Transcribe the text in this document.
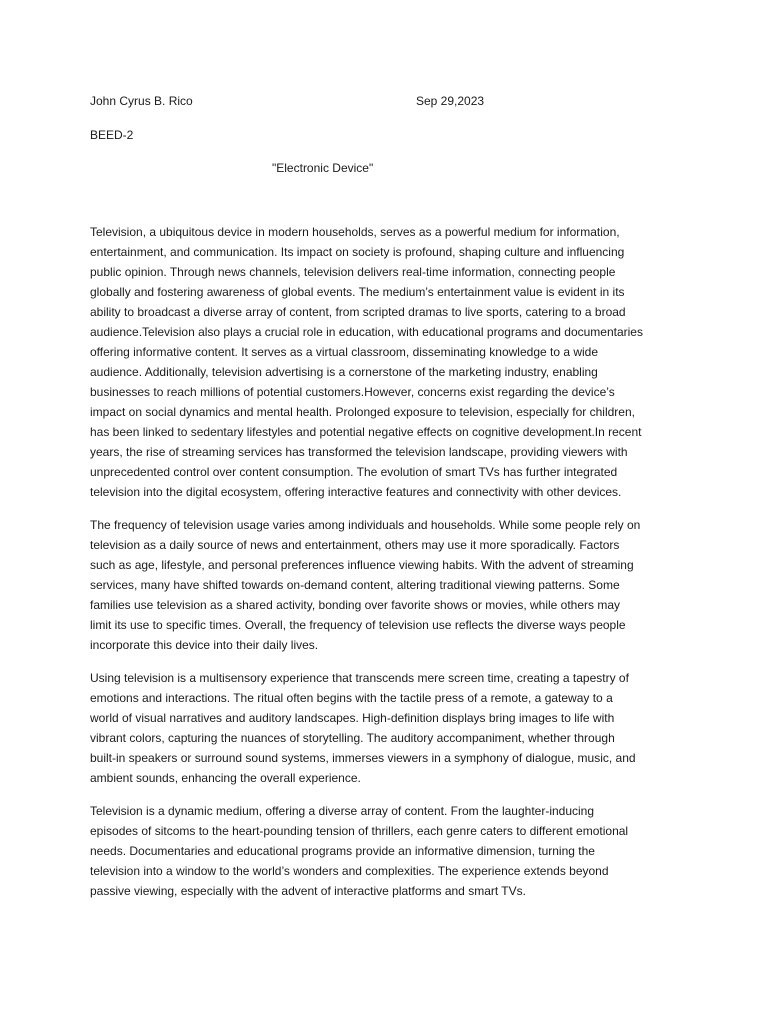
John Cyrus B. Rico	Sep 29,2023
BEED-2
"Electronic Device"
Television, a ubiquitous device in modern households, serves as a powerful medium for information,
entertainment, and communication. Its impact on society is profound, shaping culture and influencing
public opinion. Through news channels, television delivers real-time information, connecting people
globally and fostering awareness of global events. The medium’s entertainment value is evident in its
ability to broadcast a diverse array of content, from scripted dramas to live sports, catering to a broad
audience.Television also plays a crucial role in education, with educational programs and documentaries
offering informative content. It serves as a virtual classroom, disseminating knowledge to a wide
audience. Additionally, television advertising is a cornerstone of the marketing industry, enabling
businesses to reach millions of potential customers.However, concerns exist regarding the device’s
impact on social dynamics and mental health. Prolonged exposure to television, especially for children,
has been linked to sedentary lifestyles and potential negative effects on cognitive development.In recent
years, the rise of streaming services has transformed the television landscape, providing viewers with
unprecedented control over content consumption. The evolution of smart TVs has further integrated
television into the digital ecosystem, offering interactive features and connectivity with other devices.
The frequency of television usage varies among individuals and households. While some people rely on
television as a daily source of news and entertainment, others may use it more sporadically. Factors
such as age, lifestyle, and personal preferences influence viewing habits. With the advent of streaming
services, many have shifted towards on-demand content, altering traditional viewing patterns. Some
families use television as a shared activity, bonding over favorite shows or movies, while others may
limit its use to specific times. Overall, the frequency of television use reflects the diverse ways people
incorporate this device into their daily lives.
Using television is a multisensory experience that transcends mere screen time, creating a tapestry of
emotions and interactions. The ritual often begins with the tactile press of a remote, a gateway to a
world of visual narratives and auditory landscapes. High-definition displays bring images to life with
vibrant colors, capturing the nuances of storytelling. The auditory accompaniment, whether through
built-in speakers or surround sound systems, immerses viewers in a symphony of dialogue, music, and
ambient sounds, enhancing the overall experience.
Television is a dynamic medium, offering a diverse array of content. From the laughter-inducing
episodes of sitcoms to the heart-pounding tension of thrillers, each genre caters to different emotional
needs. Documentaries and educational programs provide an informative dimension, turning the
television into a window to the world’s wonders and complexities. The experience extends beyond
passive viewing, especially with the advent of interactive platforms and smart TVs.
